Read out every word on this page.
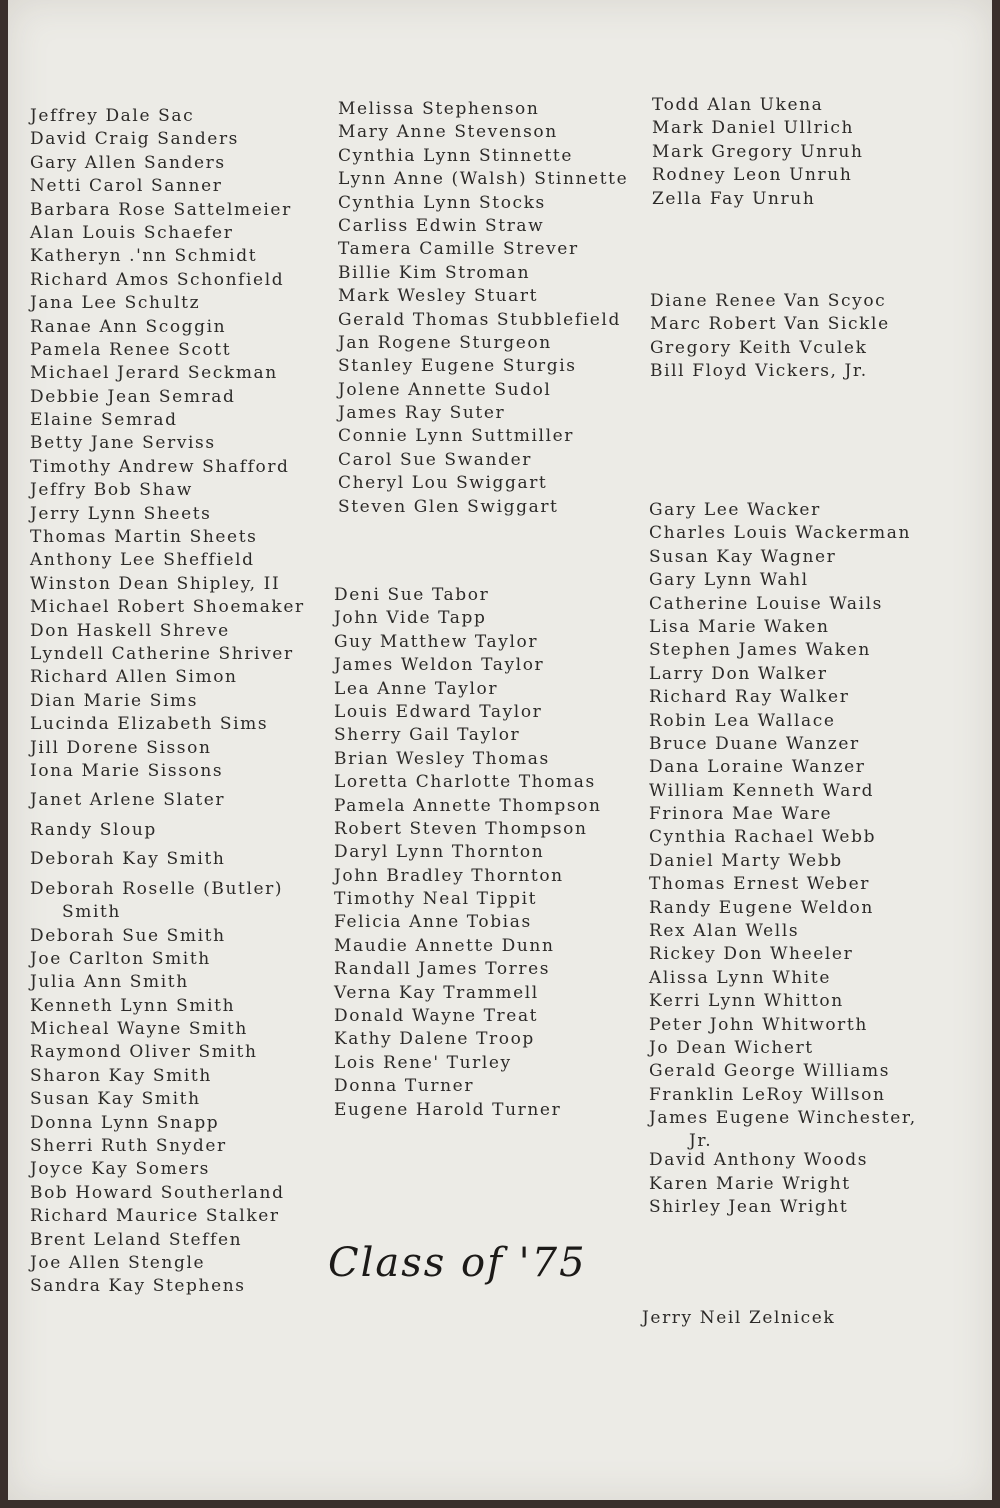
Jeffrey Dale Sac
David Craig Sanders
Gary Allen Sanders
Netti Carol Sanner
Barbara Rose Sattelmeier
Alan Louis Schaefer
Katheryn .'nn Schmidt
Richard Amos Schonfield
Jana Lee Schultz
Ranae Ann Scoggin
Pamela Renee Scott
Michael Jerard Seckman
Debbie Jean Semrad
Elaine Semrad
Betty Jane Serviss
Timothy Andrew Shafford
Jeffry Bob Shaw
Jerry Lynn Sheets
Thomas Martin Sheets
Anthony Lee Sheffield
Winston Dean Shipley, II
Michael Robert Shoemaker
Don Haskell Shreve
Lyndell Catherine Shriver
Richard Allen Simon
Dian Marie Sims
Lucinda Elizabeth Sims
Jill Dorene Sisson
Iona Marie Sissons
Janet Arlene Slater
Randy Sloup
Deborah Kay Smith
Deborah Roselle (Butler)
Smith
Deborah Sue Smith
Joe Carlton Smith
Julia Ann Smith
Kenneth Lynn Smith
Micheal Wayne Smith
Raymond Oliver Smith
Sharon Kay Smith
Susan Kay Smith
Donna Lynn Snapp
Sherri Ruth Snyder
Joyce Kay Somers
Bob Howard Southerland
Richard Maurice Stalker
Brent Leland Steffen
Joe Allen Stengle
Sandra Kay Stephens
Melissa Stephenson
Mary Anne Stevenson
Cynthia Lynn Stinnette
Lynn Anne (Walsh) Stinnette
Cynthia Lynn Stocks
Carliss Edwin Straw
Tamera Camille Strever
Billie Kim Stroman
Mark Wesley Stuart
Gerald Thomas Stubblefield
Jan Rogene Sturgeon
Stanley Eugene Sturgis
Jolene Annette Sudol
James Ray Suter
Connie Lynn Suttmiller
Carol Sue Swander
Cheryl Lou Swiggart
Steven Glen Swiggart
Deni Sue Tabor
John Vide Tapp
Guy Matthew Taylor
James Weldon Taylor
Lea Anne Taylor
Louis Edward Taylor
Sherry Gail Taylor
Brian Wesley Thomas
Loretta Charlotte Thomas
Pamela Annette Thompson
Robert Steven Thompson
Daryl Lynn Thornton
John Bradley Thornton
Timothy Neal Tippit
Felicia Anne Tobias
Maudie Annette Dunn
Randall James Torres
Verna Kay Trammell
Donald Wayne Treat
Kathy Dalene Troop
Lois Rene' Turley
Donna Turner
Eugene Harold Turner
Todd Alan Ukena
Mark Daniel Ullrich
Mark Gregory Unruh
Rodney Leon Unruh
Zella Fay Unruh
Diane Renee Van Scyoc
Marc Robert Van Sickle
Gregory Keith Vculek
Bill Floyd Vickers, Jr.
Gary Lee Wacker
Charles Louis Wackerman
Susan Kay Wagner
Gary Lynn Wahl
Catherine Louise Wails
Lisa Marie Waken
Stephen James Waken
Larry Don Walker
Richard Ray Walker
Robin Lea Wallace
Bruce Duane Wanzer
Dana Loraine Wanzer
William Kenneth Ward
Frinora Mae Ware
Cynthia Rachael Webb
Daniel Marty Webb
Thomas Ernest Weber
Randy Eugene Weldon
Rex Alan Wells
Rickey Don Wheeler
Alissa Lynn White
Kerri Lynn Whitton
Peter John Whitworth
Jo Dean Wichert
Gerald George Williams
Franklin LeRoy Willson
James Eugene Winchester,
Jr.
David Anthony Woods
Karen Marie Wright
Shirley Jean Wright
Jerry Neil Zelnicek
Class of '75
